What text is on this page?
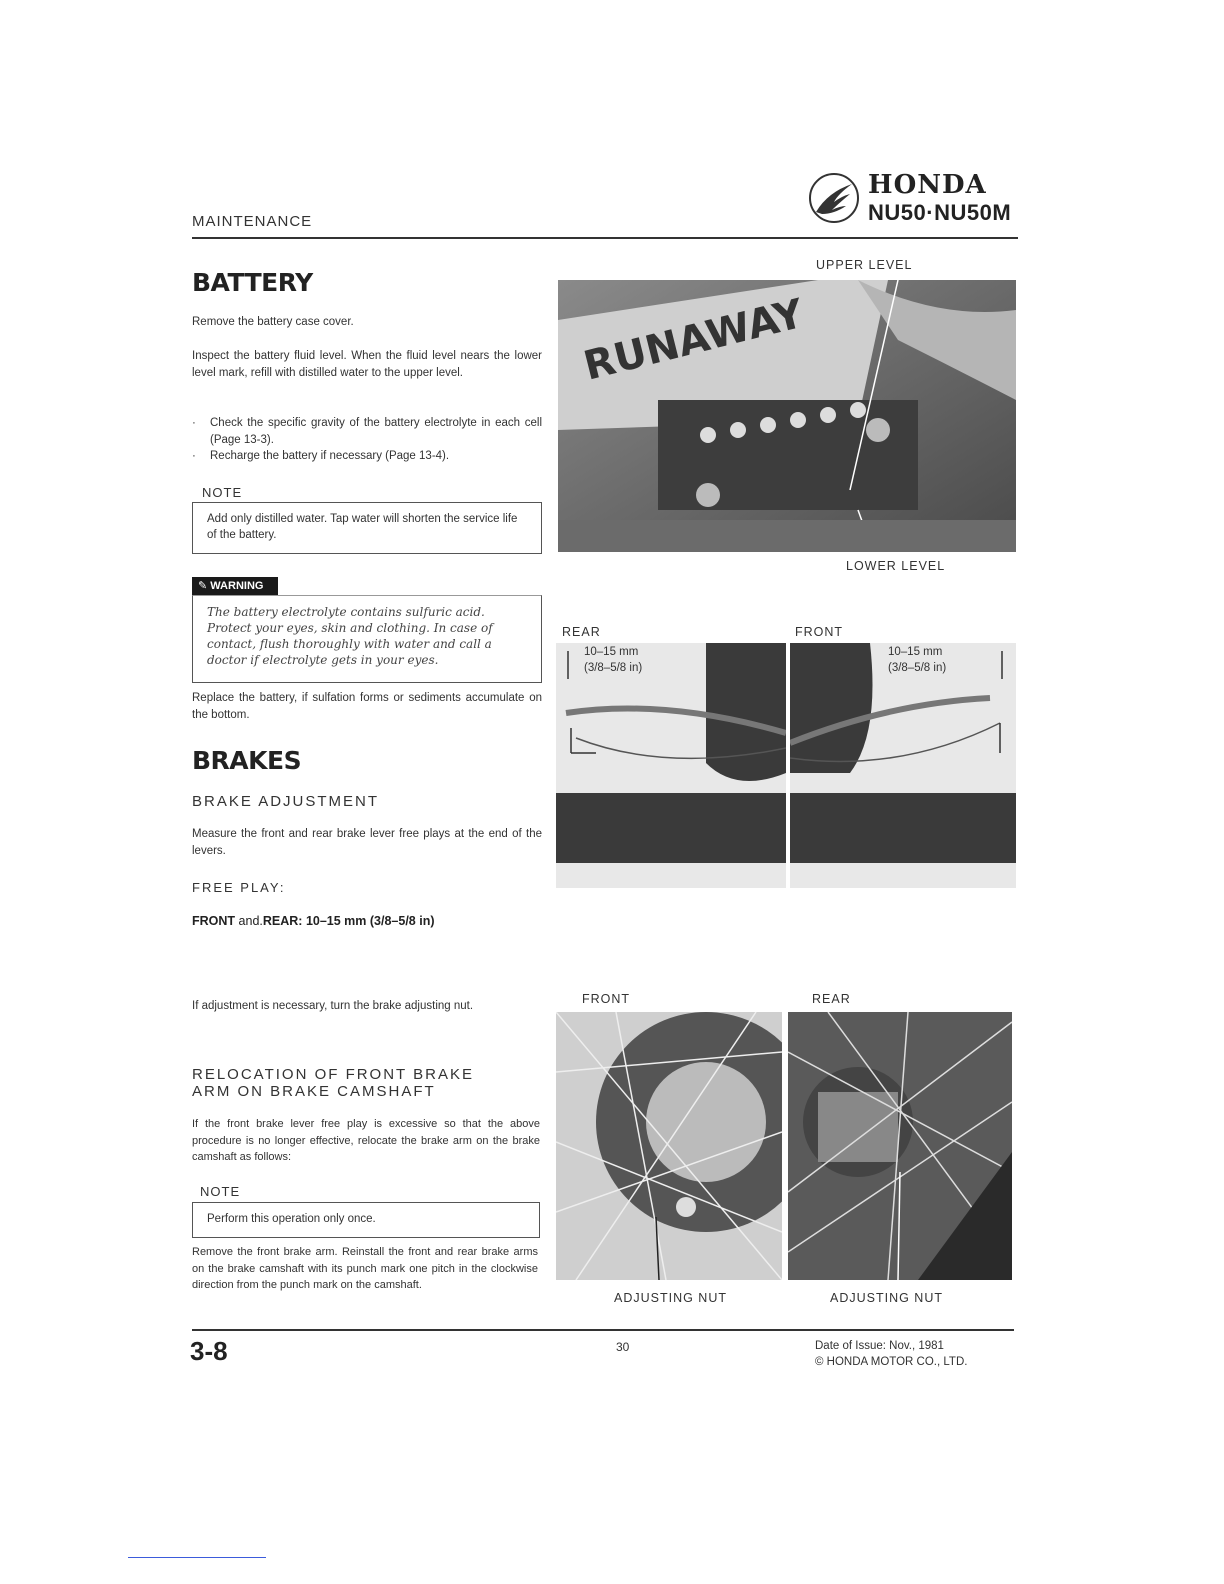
MAINTENANCE
HONDA
NU50·NU50M
BATTERY
Remove the battery case cover.
Inspect the battery fluid level. When the fluid level nears the lower level mark, refill with distilled water to the upper level.
·	Check the specific gravity of the battery electrolyte in each cell (Page 13-3).
·	Recharge the battery if necessary (Page 13-4).
NOTE
Add only distilled water. Tap water will shorten the service life of the battery.
✎ WARNING
The battery electrolyte contains sulfuric acid. Protect your eyes, skin and clothing. In case of contact, flush thoroughly with water and call a doctor if electrolyte gets in your eyes.
Replace the battery, if sulfation forms or sediments accumulate on the bottom.
BRAKES
BRAKE ADJUSTMENT
Measure the front and rear brake lever free plays at the end of the levers.
FREE PLAY:
FRONT and.REAR: 10–15 mm (3/8–5/8 in)
If adjustment is necessary, turn the brake adjusting nut.
RELOCATION OF FRONT BRAKE
ARM ON BRAKE CAMSHAFT
If the front brake lever free play is excessive so that the above procedure is no longer effective, relocate the brake arm on the brake camshaft as follows:
NOTE
Perform this operation only once.
Remove the front brake arm. Reinstall the front and rear brake arms on the brake camshaft with its punch mark one pitch in the clockwise direction from the punch mark on the camshaft.
UPPER LEVEL
RUNAWAY
LOWER LEVEL
REAR	FRONT
10–15 mm
(3/8–5/8 in)
10–15 mm
(3/8–5/8 in)
FRONT	REAR
ADJUSTING NUT	ADJUSTING NUT
3-8	30	Date of Issue: Nov., 1981
© HONDA MOTOR CO., LTD.
